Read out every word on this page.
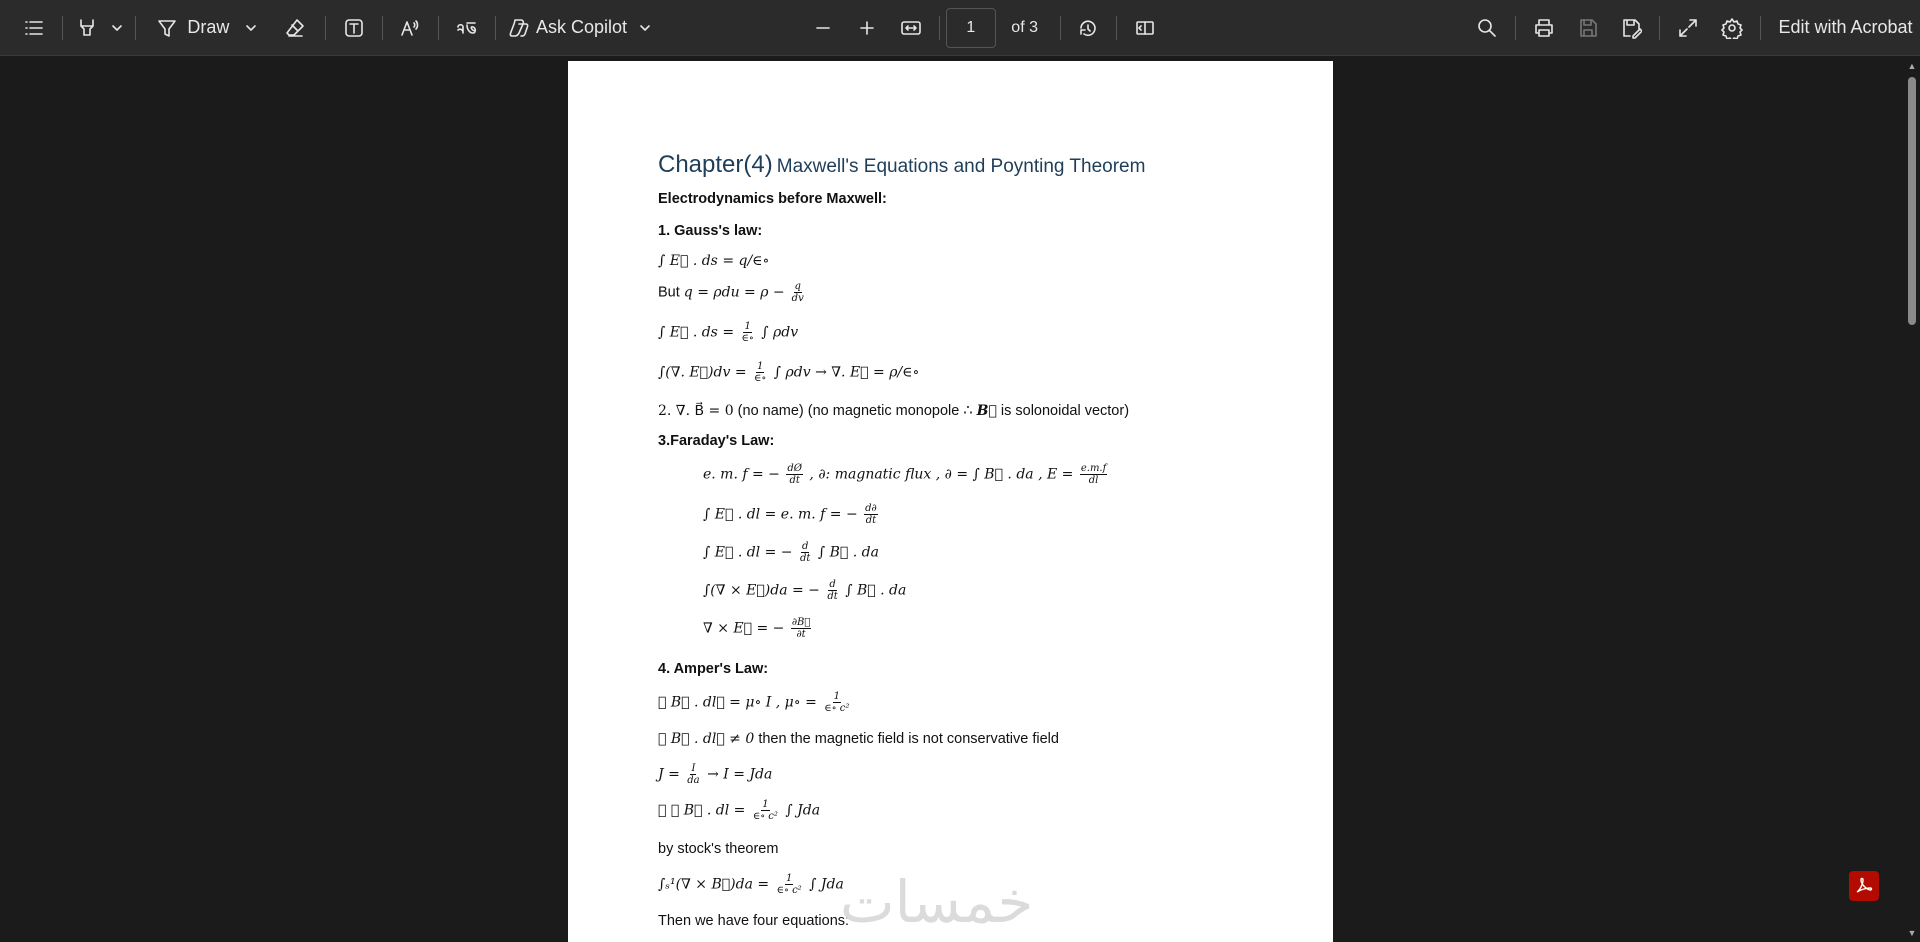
Draw	Ask Copilot
1	of 3	Edit with Acrobat
Chapter(4) Maxwell's Equations and Poynting Theorem
Electrodynamics before Maxwell:
1. Gauss's law:
∫ E⃗ . ds = q/∈∘
But $q = \rho du = \rho - \frac{q}{dv}$
∫ E⃗ . ds = $\frac{1}{\in\circ}$ ∫ ρdv
∫(∇. E⃗)dv = $\frac{1}{\in\circ}$ ∫ ρdv → ∇. E⃗ = ρ/∈∘
2. ∇. B⃗ = 0 (no name) (no magnetic monopole ∴ B⃗ is solonoidal vector)
3.Faraday's Law:
e. m. f = − $\frac{dØ}{dt}$ , ∂: magnatic flux , ∂ = ∫ B⃗ . da , $E = \frac{e.m.f}{dl}$
∫ E⃗ . dl = e. m. f = − $\frac{d\partial}{dt}$
∫ E⃗ . dl = − $\frac{d}{dt}$ ∫ B⃗ . da
∫(∇ × E⃗)da = − $\frac{d}{dt}$ ∫ B⃗ . da
∇ × E⃗ = − $\frac{\partial B⃗}{\partial t}$
4. Amper's Law:
∮ B⃗ . dl⃗ = μ∘ I , μ∘ = $\frac{1}{\text{∈∘ c²}}$
∮ B⃗ . dl⃗ ≠ 0 then the magnetic field is not conservative field
$J = \frac{I}{da} \to I$ = Jda
∴ ∮ B⃗ . dl = $\frac{1}{\text{∈∘ c²}}$ ∫ Jda
by stock's theorem
∫ₛ¹(∇ × B⃗)da = $\frac{1}{\text{∈∘ c²}}$ ∫ Jda
Then we have four equations:
خمسات
▲
▼
